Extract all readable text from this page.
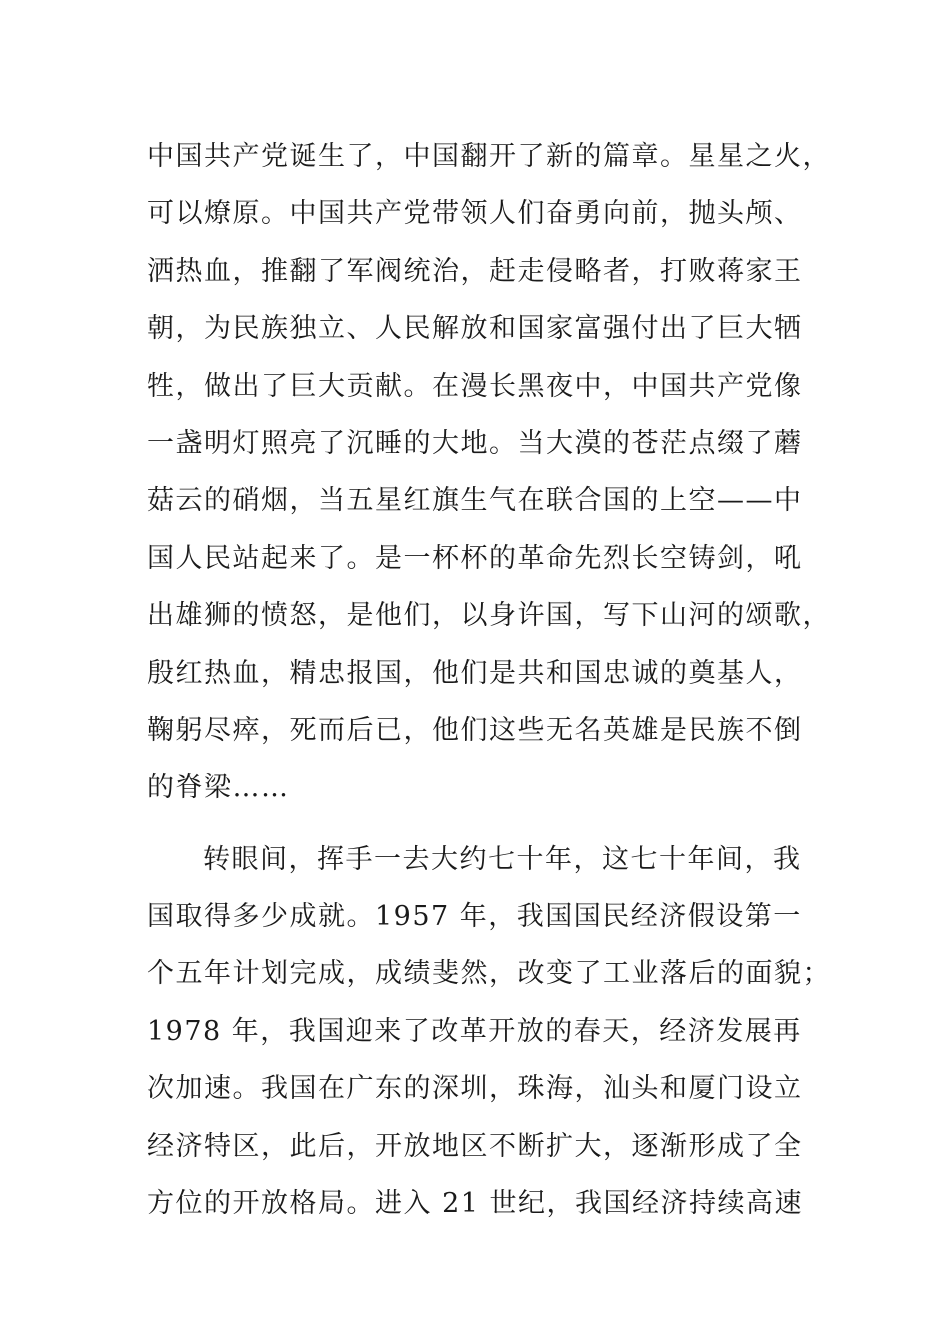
中国共产党诞生了，中国翻开了新的篇章。星星之火，
可以燎原。中国共产党带领人们奋勇向前，抛头颅、
洒热血，推翻了军阀统治，赶走侵略者，打败蒋家王
朝，为民族独立、人民解放和国家富强付出了巨大牺
牲，做出了巨大贡献。在漫长黑夜中，中国共产党像
一盏明灯照亮了沉睡的大地。当大漠的苍茫点缀了蘑
菇云的硝烟，当五星红旗生气在联合国的上空——中
国人民站起来了。是一杯杯的革命先烈长空铸剑，吼
出雄狮的愤怒，是他们，以身许国，写下山河的颂歌，
殷红热血，精忠报国，他们是共和国忠诚的奠基人，
鞠躬尽瘁，死而后已，他们这些无名英雄是民族不倒
的脊梁……
转眼间，挥手一去大约七十年，这七十年间，我
国取得多少成就。1957 年，我国国民经济假设第一
个五年计划完成，成绩斐然，改变了工业落后的面貌；
1978 年，我国迎来了改革开放的春天，经济发展再
次加速。我国在广东的深圳，珠海，汕头和厦门设立
经济特区，此后，开放地区不断扩大，逐渐形成了全
方位的开放格局。进入 21 世纪，我国经济持续高速
